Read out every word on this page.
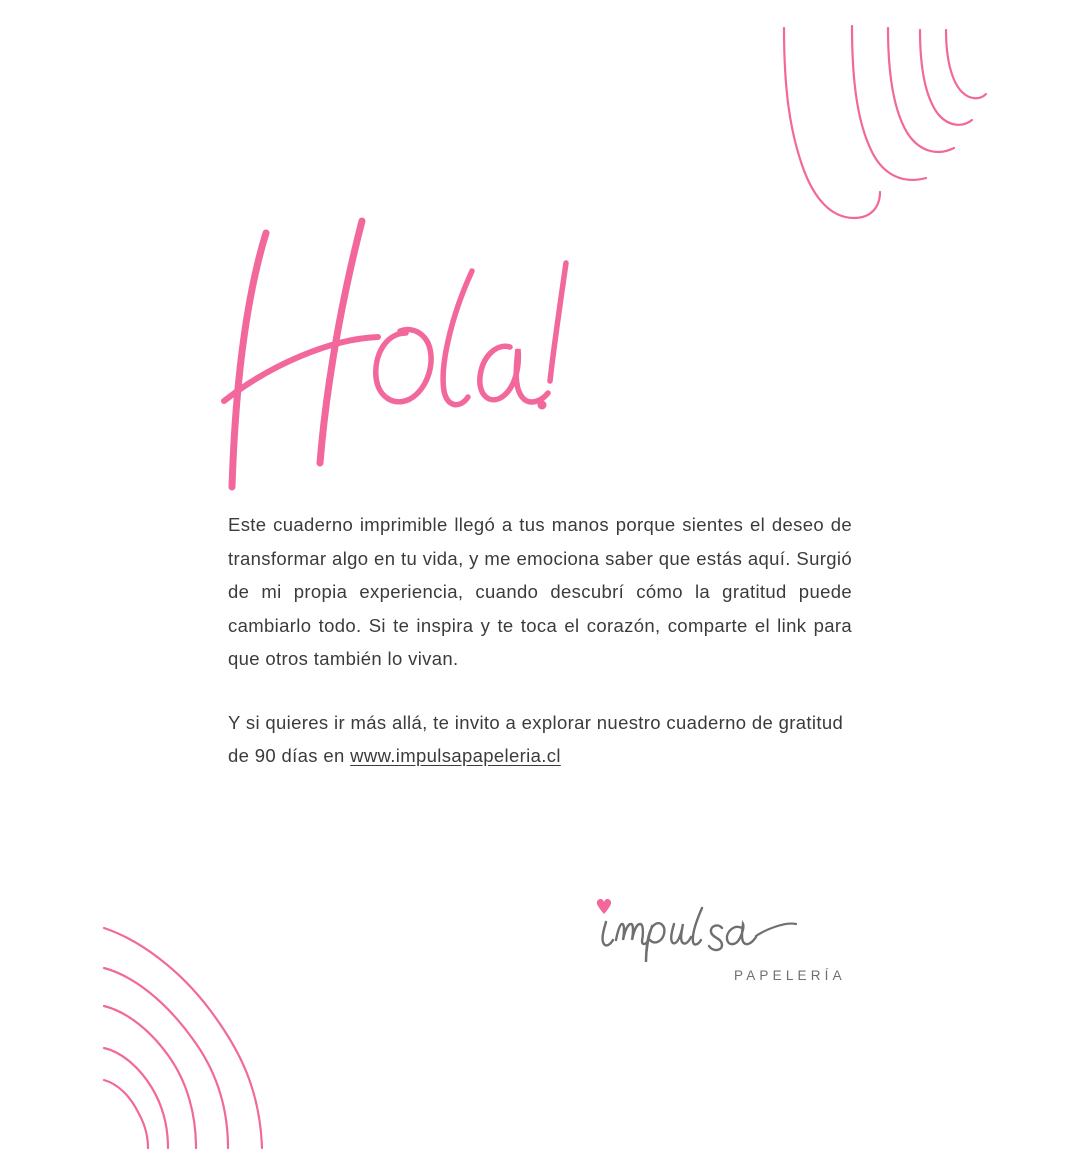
Este cuaderno imprimible llegó a tus manos porque sientes el deseo de transformar algo en tu vida, y me emociona saber que estás aquí. Surgió de mi propia experiencia, cuando descubrí cómo la gratitud puede cambiarlo todo. Si te inspira y te toca el corazón, comparte el link para que otros también lo vivan.

Y si quieres ir más allá, te invito a explorar nuestro cuaderno de gratitud de 90 días en www.impulsapapeleria.cl

PAPELERÍA
